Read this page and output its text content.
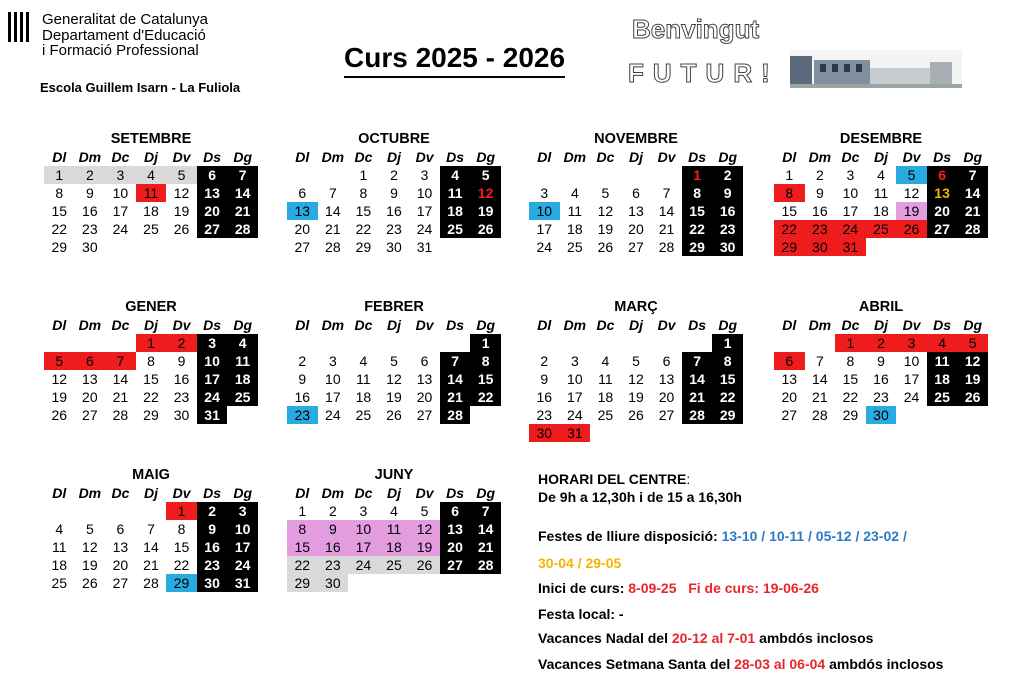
Generalitat de Catalunya
Departament d'Educació
i Formació Professional
Escola Guillem Isarn - La Fuliola
Curs 2025 - 2026
Benvingut
FUTUR!
SETEMBRE
Dl	Dm	Dc	Dj	Dv	Ds	Dg
1	2	3	4	5	6	7
8	9	10	11	12	13	14
15	16	17	18	19	20	21
22	23	24	25	26	27	28
29	30					
OCTUBRE
Dl	Dm	Dc	Dj	Dv	Ds	Dg
		1	2	3	4	5
6	7	8	9	10	11	12
13	14	15	16	17	18	19
20	21	22	23	24	25	26
27	28	29	30	31		
NOVEMBRE
Dl	Dm	Dc	Dj	Dv	Ds	Dg
					1	2
3	4	5	6	7	8	9
10	11	12	13	14	15	16
17	18	19	20	21	22	23
24	25	26	27	28	29	30
DESEMBRE
Dl	Dm	Dc	Dj	Dv	Ds	Dg
1	2	3	4	5	6	7
8	9	10	11	12	13	14
15	16	17	18	19	20	21
22	23	24	25	26	27	28
29	30	31				
GENER
Dl	Dm	Dc	Dj	Dv	Ds	Dg
			1	2	3	4
5	6	7	8	9	10	11
12	13	14	15	16	17	18
19	20	21	22	23	24	25
26	27	28	29	30	31	
FEBRER
Dl	Dm	Dc	Dj	Dv	Ds	Dg
						1
2	3	4	5	6	7	8
9	10	11	12	13	14	15
16	17	18	19	20	21	22
23	24	25	26	27	28	
MARÇ
Dl	Dm	Dc	Dj	Dv	Ds	Dg
						1
2	3	4	5	6	7	8
9	10	11	12	13	14	15
16	17	18	19	20	21	22
23	24	25	26	27	28	29
30	31					
ABRIL
Dl	Dm	Dc	Dj	Dv	Ds	Dg
		1	2	3	4	5
6	7	8	9	10	11	12
13	14	15	16	17	18	19
20	21	22	23	24	25	26
27	28	29	30			
MAIG
Dl	Dm	Dc	Dj	Dv	Ds	Dg
				1	2	3
4	5	6	7	8	9	10
11	12	13	14	15	16	17
18	19	20	21	22	23	24
25	26	27	28	29	30	31
JUNY
Dl	Dm	Dc	Dj	Dv	Ds	Dg
1	2	3	4	5	6	7
8	9	10	11	12	13	14
15	16	17	18	19	20	21
22	23	24	25	26	27	28
29	30					
HORARI DEL CENTRE:
De 9h a 12,30h i de 15 a 16,30h
Festes de lliure disposició: 13-10 / 10-11 / 05-12 / 23-02 /
30-04 / 29-05
Inici de curs: 8-09-25 Fi de curs: 19-06-26
Festa local: -
Vacances Nadal del 20-12 al 7-01 ambdós inclosos
Vacances Setmana Santa del 28-03 al 06-04 ambdós inclosos
